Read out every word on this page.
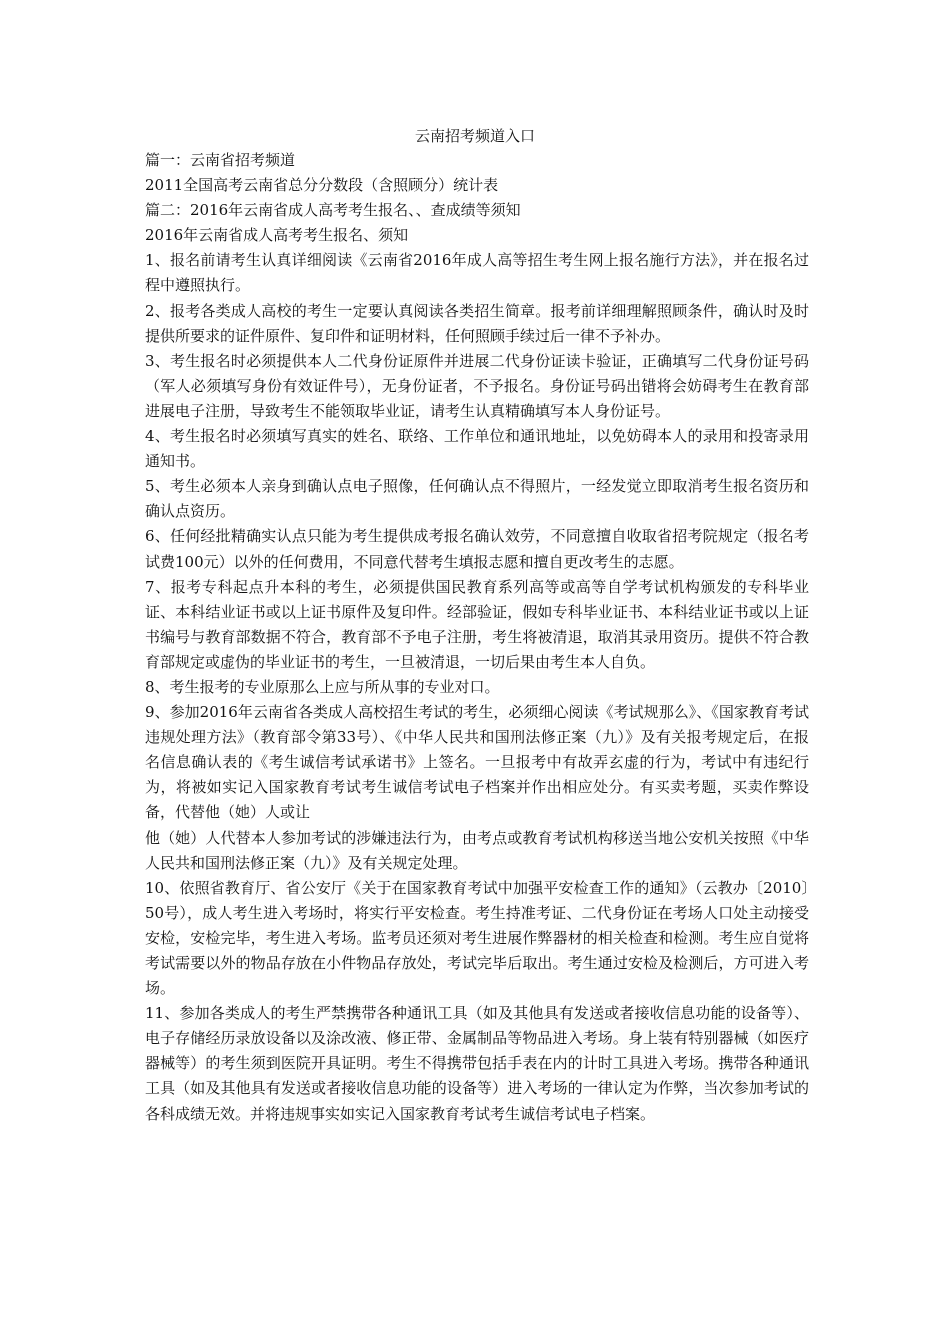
云南招考频道入口

篇一：云南省招考频道

2011全国高考云南省总分分数段（含照顾分）统计表

篇二：2016年云南省成人高考考生报名、、查成绩等须知

2016年云南省成人高考考生报名、须知

1、报名前请考生认真详细阅读《云南省2016年成人高等招生考生网上报名施行方法》，并在报名过程中遵照执行。

2、报考各类成人高校的考生一定要认真阅读各类招生简章。报考前详细理解照顾条件，确认时及时提供所要求的证件原件、复印件和证明材料，任何照顾手续过后一律不予补办。

3、考生报名时必须提供本人二代身份证原件并进展二代身份证读卡验证，正确填写二代身份证号码（军人必须填写身份有效证件号），无身份证者，不予报名。身份证号码出错将会妨碍考生在教育部进展电子注册，导致考生不能领取毕业证，请考生认真精确填写本人身份证号。

4、考生报名时必须填写真实的姓名、联络、工作单位和通讯地址，以免妨碍本人的录用和投寄录用通知书。

5、考生必须本人亲身到确认点电子照像，任何确认点不得照片，一经发觉立即取消考生报名资历和确认点资历。

6、任何经批精确实认点只能为考生提供成考报名确认效劳，不同意擅自收取省招考院规定（报名考试费100元）以外的任何费用，不同意代替考生填报志愿和擅自更改考生的志愿。

7、报考专科起点升本科的考生，必须提供国民教育系列高等或高等自学考试机构颁发的专科毕业证、本科结业证书或以上证书原件及复印件。经部验证，假如专科毕业证书、本科结业证书或以上证书编号与教育部数据不符合，教育部不予电子注册，考生将被清退，取消其录用资历。提供不符合教育部规定或虚伪的毕业证书的考生，一旦被清退，一切后果由考生本人自负。

8、考生报考的专业原那么上应与所从事的专业对口。

9、参加2016年云南省各类成人高校招生考试的考生，必须细心阅读《考试规那么》、《国家教育考试违规处理方法》（教育部令第33号）、《中华人民共和国刑法修正案（九）》及有关报考规定后，在报名信息确认表的《考生诚信考试承诺书》上签名。一旦报考中有故弄玄虚的行为，考试中有违纪行为，将被如实记入国家教育考试考生诚信考试电子档案并作出相应处分。有买卖考题，买卖作弊设备，代替他（她）人或让

他（她）人代替本人参加考试的涉嫌违法行为，由考点或教育考试机构移送当地公安机关按照《中华人民共和国刑法修正案（九）》及有关规定处理。

10、依照省教育厅、省公安厅《关于在国家教育考试中加强平安检查工作的通知》（云教办〔2010〕50号），成人考生进入考场时，将实行平安检查。考生持准考证、二代身份证在考场人口处主动接受安检，安检完毕，考生进入考场。监考员还须对考生进展作弊器材的相关检查和检测。考生应自觉将考试需要以外的物品存放在小件物品存放处，考试完毕后取出。考生通过安检及检测后，方可进入考场。

11、参加各类成人的考生严禁携带各种通讯工具（如及其他具有发送或者接收信息功能的设备等）、电子存储经历录放设备以及涂改液、修正带、金属制品等物品进入考场。身上装有特别器械（如医疗器械等）的考生须到医院开具证明。考生不得携带包括手表在内的计时工具进入考场。携带各种通讯工具（如及其他具有发送或者接收信息功能的设备等）进入考场的一律认定为作弊，当次参加考试的各科成绩无效。并将违规事实如实记入国家教育考试考生诚信考试电子档案。
